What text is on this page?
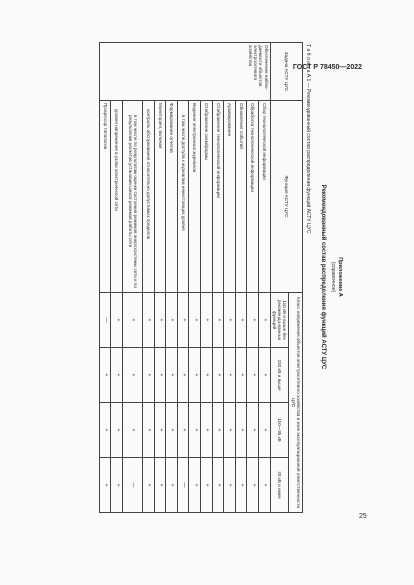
ГОСТ Р 78450—2022
Приложение А
(справочное)
Рекомендованный состав распределения функций АСТУ ЦУС
Т а б л и ц а А.1 — Рекомендованный состав распределения функций АСТУ ЦУС
Задача АСТУ ЦУС	Функция АСТУ ЦУС	Класс напряжения объектов электросетевого хозяйства в зоне эксплуатационной ответственности ЦУС			
		110 кВ и выше без рекомендо-ванных функций	220 кВ и выше	110—35 кВ	20 кВ и ниже
Обеспечение наблю-даемости объектов электросетевого хозяйства	Сбор технологической информации	+	+	+	+
	Обработка технологической информации	+	+	+	+
	Обновление событий	+	+	+	+
	Архивирование	+	+	+	+
	Отображение технологической информации	+	+	+	+
	Отображение схем/формы	+	+	+	+
	Ведение электронных журналов	+	+	+	+
	в том числе доступа к журналам нижестоящих уровня	+	+	+	—
	Формирование отчетов	+	+	+	+
	Мониторинг, включая	+	+	+	+
	контроль обслуживания относительно допустимых пределов	+	+	+	+
	в том числе по результатам оценки состояния режимов энергосистемы сети и по результатам расчетов установив-шихся режимов работы сети	+	+	+	—
	уровня напряжения в узлах электрической сети	+	+	+	+
	Процессор топологии	—	+	+	+
25
